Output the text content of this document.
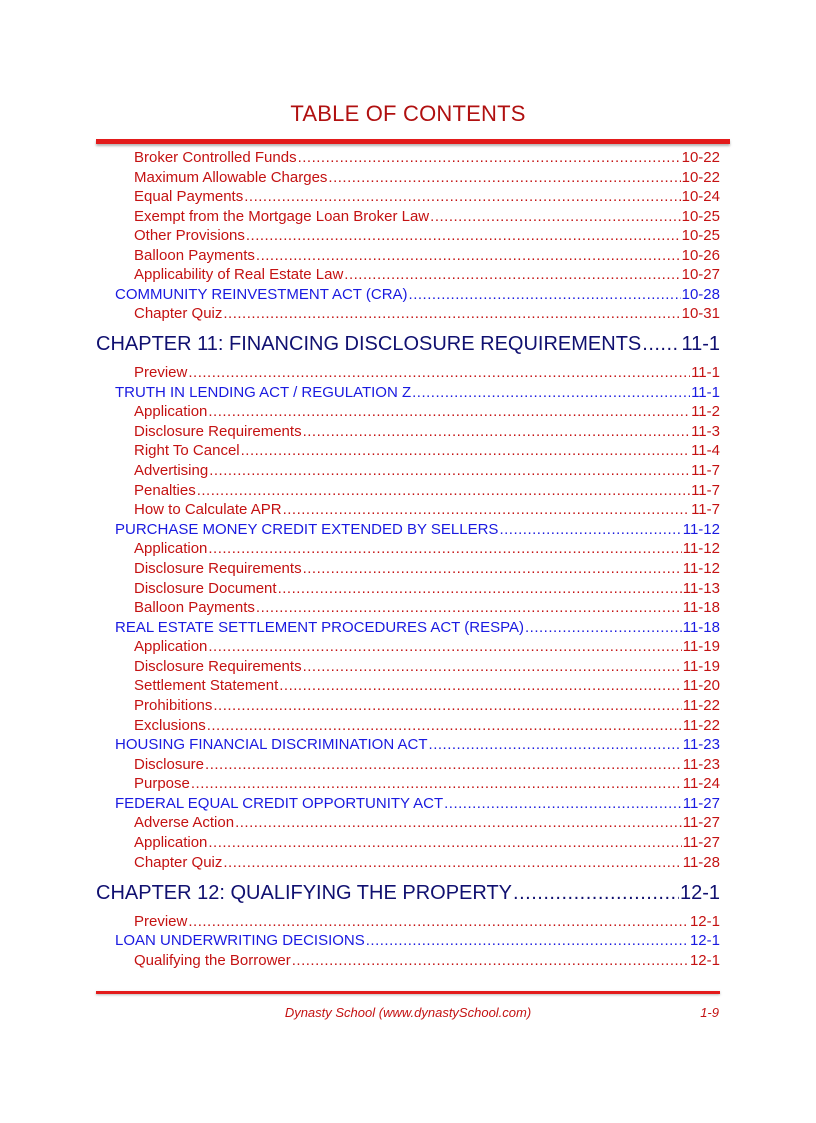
TABLE OF CONTENTS
Broker Controlled Funds .....	10-22
Maximum Allowable Charges .....	10-22
Equal Payments .....	10-24
Exempt from the Mortgage Loan Broker Law .....	10-25
Other Provisions .....	10-25
Balloon Payments .....	10-26
Applicability of Real Estate Law .....	10-27
COMMUNITY REINVESTMENT ACT (CRA) .....	10-28
Chapter Quiz .....	10-31
CHAPTER 11: FINANCING DISCLOSURE REQUIREMENTS ..... 11-1
Preview .....	11-1
TRUTH IN LENDING ACT / REGULATION Z .....	11-1
Application .....	11-2
Disclosure Requirements .....	11-3
Right To Cancel .....	11-4
Advertising .....	11-7
Penalties .....	11-7
How to Calculate APR .....	11-7
PURCHASE MONEY CREDIT EXTENDED BY SELLERS .....	11-12
Application .....	11-12
Disclosure Requirements .....	11-12
Disclosure Document .....	11-13
Balloon Payments .....	11-18
REAL ESTATE SETTLEMENT PROCEDURES ACT (RESPA) .....	11-18
Application .....	11-19
Disclosure Requirements .....	11-19
Settlement Statement .....	11-20
Prohibitions .....	11-22
Exclusions .....	11-22
HOUSING FINANCIAL DISCRIMINATION ACT .....	11-23
Disclosure .....	11-23
Purpose .....	11-24
FEDERAL EQUAL CREDIT OPPORTUNITY ACT .....	11-27
Adverse Action .....	11-27
Application .....	11-27
Chapter Quiz .....	11-28
CHAPTER 12: QUALIFYING THE PROPERTY .....	12-1
Preview .....	12-1
LOAN UNDERWRITING DECISIONS .....	12-1
Qualifying the Borrower .....	12-1
Dynasty School (www.dynastySchool.com)	1-9
